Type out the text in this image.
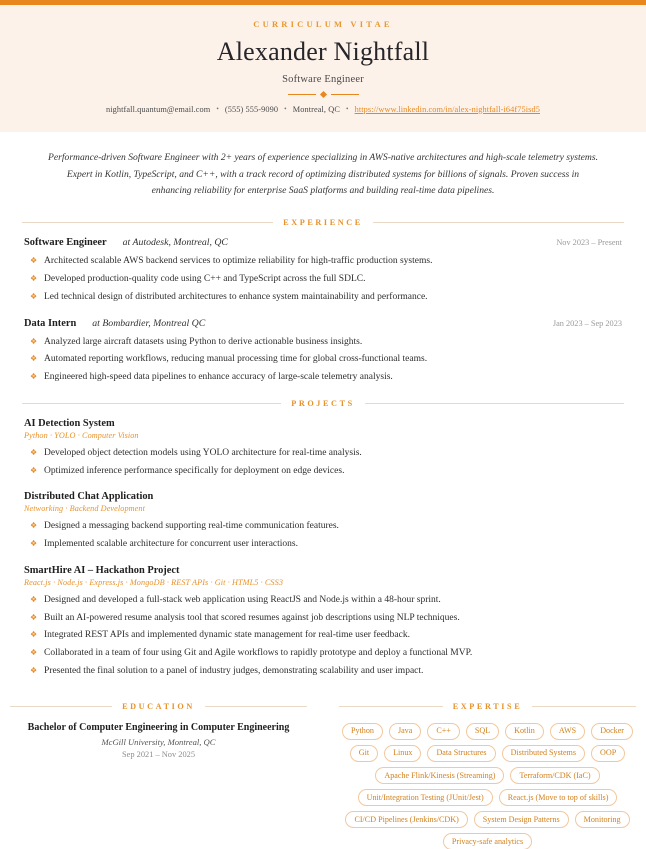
CURRICULUM VITAE
Alexander Nightfall
Software Engineer
nightfall.quantum@email.com • (555) 555-9090 • Montreal, QC • https://www.linkedin.com/in/alex-nightfall-i64f75isd5
Performance-driven Software Engineer with 2+ years of experience specializing in AWS-native architectures and high-scale telemetry systems. Expert in Kotlin, TypeScript, and C++, with a track record of optimizing distributed systems for billions of signals. Proven success in enhancing reliability for enterprise SaaS platforms and building real-time data pipelines.
EXPERIENCE
Software Engineer at Autodesk, Montreal, QC	Nov 2023 – Present
❖ Architected scalable AWS backend services to optimize reliability for high-traffic production systems.
❖ Developed production-quality code using C++ and TypeScript across the full SDLC.
❖ Led technical design of distributed architectures to enhance system maintainability and performance.
Data Intern at Bombardier, Montreal QC	Jan 2023 – Sep 2023
❖ Analyzed large aircraft datasets using Python to derive actionable business insights.
❖ Automated reporting workflows, reducing manual processing time for global cross-functional teams.
❖ Engineered high-speed data pipelines to enhance accuracy of large-scale telemetry analysis.
PROJECTS
AI Detection System
Python · YOLO · Computer Vision
❖ Developed object detection models using YOLO architecture for real-time analysis.
❖ Optimized inference performance specifically for deployment on edge devices.
Distributed Chat Application
Networking · Backend Development
❖ Designed a messaging backend supporting real-time communication features.
❖ Implemented scalable architecture for concurrent user interactions.
SmartHire AI – Hackathon Project
React.js · Node.js · Express.js · MongoDB · REST APIs · Git · HTML5 · CSS3
❖ Designed and developed a full-stack web application using ReactJS and Node.js within a 48-hour sprint.
❖ Built an AI-powered resume analysis tool that scored resumes against job descriptions using NLP techniques.
❖ Integrated REST APIs and implemented dynamic state management for real-time user feedback.
❖ Collaborated in a team of four using Git and Agile workflows to rapidly prototype and deploy a functional MVP.
❖ Presented the final solution to a panel of industry judges, demonstrating scalability and user impact.
EDUCATION
Bachelor of Computer Engineering in Computer Engineering
McGill University, Montreal, QC
Sep 2021 – Nov 2025
EXPERTISE
Python	Java	C++	SQL	Kotlin	AWS	Docker
Git	Linux	Data Structures	Distributed Systems	OOP
Apache Flink/Kinesis (Streaming)	Terraform/CDK (IaC)
Unit/Integration Testing (JUnit/Jest)	React.js (Move to top of skills)
CI/CD Pipelines (Jenkins/CDK)	System Design Patterns	Monitoring
Privacy-safe analytics
